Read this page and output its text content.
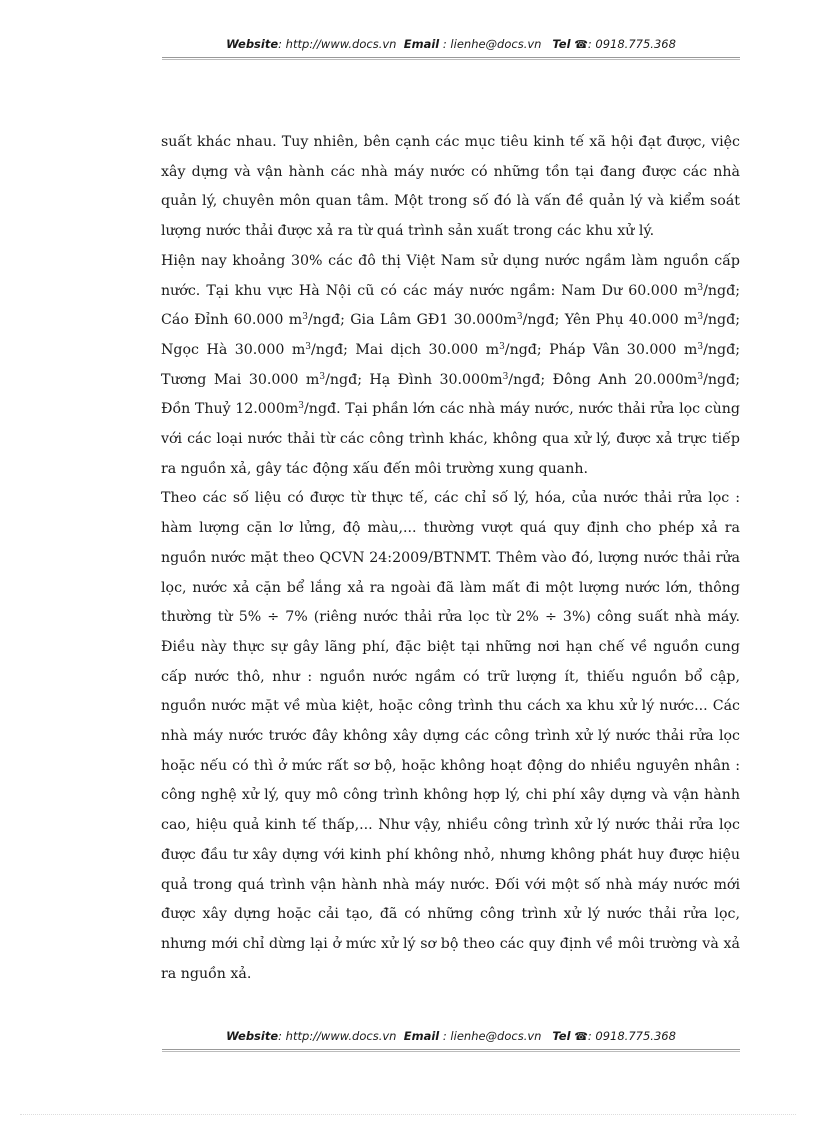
Website: http://www.docs.vn Email : lienhe@docs.vn Tel ☎: 0918.775.368

suất khác nhau. Tuy nhiên, bên cạnh các mục tiêu kinh tế xã hội đạt được, việc xây dựng và vận hành các nhà máy nước có những tồn tại đang được các nhà quản lý, chuyên môn quan tâm. Một trong số đó là vấn đề quản lý và kiểm soát lượng nước thải được xả ra từ quá trình sản xuất trong các khu xử lý.

Hiện nay khoảng 30% các đô thị Việt Nam sử dụng nước ngầm làm nguồn cấp nước. Tại khu vực Hà Nội cũ có các máy nước ngầm: Nam Dư 60.000 $m^3$/ngđ; Cáo Đỉnh 60.000 $m^3$/ngđ; Gia Lâm GĐ1 $30.000m^3$/ngđ; Yên Phụ 40.000 $m^3$/ngđ; Ngọc Hà 30.000 $m^3$/ngđ; Mai dịch 30.000 $m^3$/ngđ; Pháp Vân 30.000 $m^3$/ngđ; Tương Mai 30.000 $m^3$/ngđ; Hạ Đình $30.000m^3$/ngđ; Đông Anh $20.000m^3$/ngđ; Đồn Thuỷ $12.000m^3$/ngđ. Tại phần lớn các nhà máy nước, nước thải rửa lọc cùng với các loại nước thải từ các công trình khác, không qua xử lý, được xả trực tiếp ra nguồn xả, gây tác động xấu đến môi trường xung quanh.

Theo các số liệu có được từ thực tế, các chỉ số lý, hóa, của nước thải rửa lọc : hàm lượng cặn lơ lửng, độ màu,... thường vượt quá quy định cho phép xả ra nguồn nước mặt theo QCVN 24:2009/BTNMT. Thêm vào đó, lượng nước thải rửa lọc, nước xả cặn bể lắng xả ra ngoài đã làm mất đi một lượng nước lớn, thông thường từ 5% ÷ 7% (riêng nước thải rửa lọc từ 2% ÷ 3%) công suất nhà máy. Điều này thực sự gây lãng phí, đặc biệt tại những nơi hạn chế về nguồn cung cấp nước thô, như : nguồn nước ngầm có trữ lượng ít, thiếu nguồn bổ cập, nguồn nước mặt về mùa kiệt, hoặc công trình thu cách xa khu xử lý nước... Các nhà máy nước trước đây không xây dựng các công trình xử lý nước thải rửa lọc hoặc nếu có thì ở mức rất sơ bộ, hoặc không hoạt động do nhiều nguyên nhân : công nghệ xử lý, quy mô công trình không hợp lý, chi phí xây dựng và vận hành cao, hiệu quả kinh tế thấp,... Như vậy, nhiều công trình xử lý nước thải rửa lọc được đầu tư xây dựng với kinh phí không nhỏ, nhưng không phát huy được hiệu quả trong quá trình vận hành nhà máy nước. Đối với một số nhà máy nước mới được xây dựng hoặc cải tạo, đã có những công trình xử lý nước thải rửa lọc, nhưng mới chỉ dừng lại ở mức xử lý sơ bộ theo các quy định về môi trường và xả ra nguồn xả.

Website: http://www.docs.vn Email : lienhe@docs.vn Tel ☎: 0918.775.368
